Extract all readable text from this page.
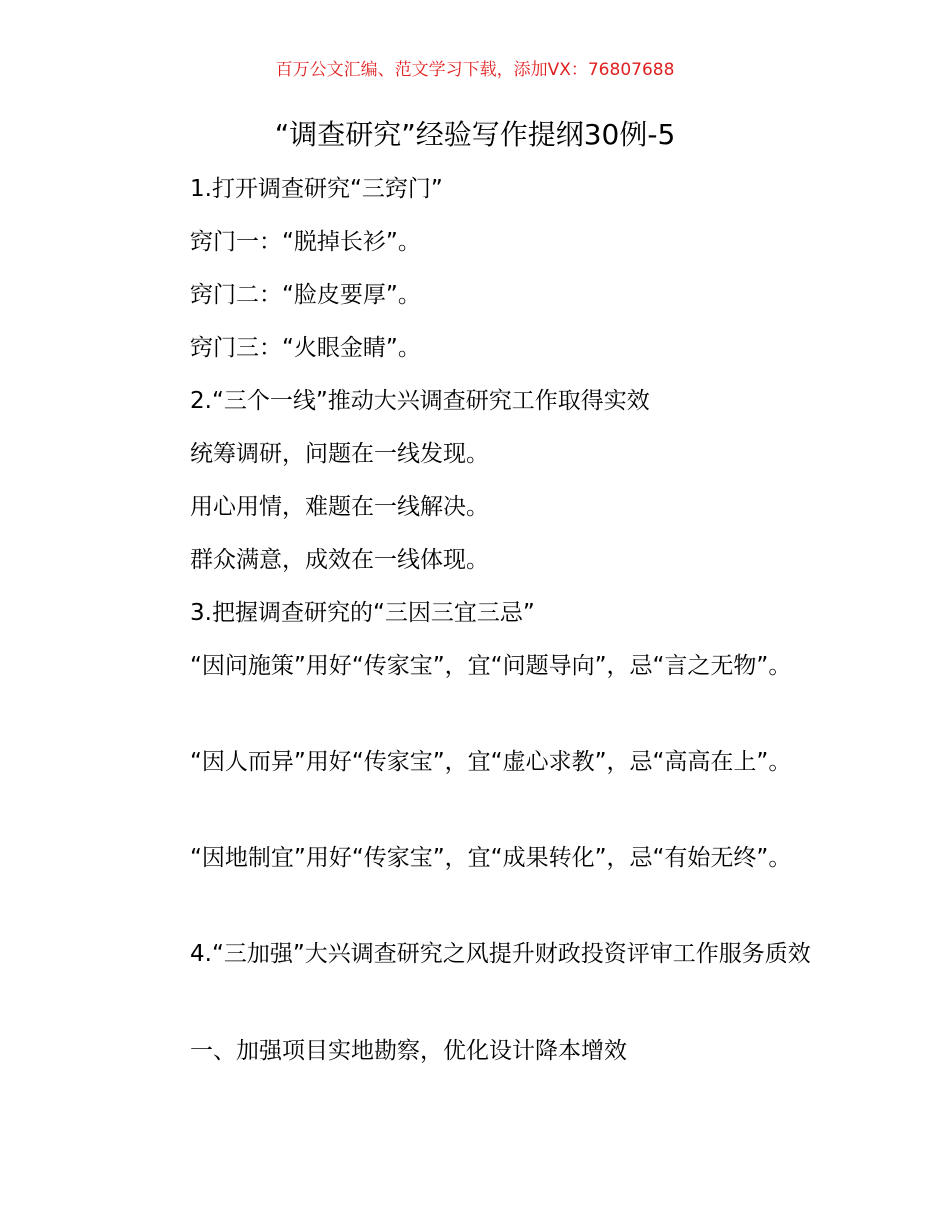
百万公文汇编、范文学习下载，添加VX：76807688
“调查研究”经验写作提纲30例-5
1.打开调查研究“三窍门”
窍门一：“脱掉长衫”。
窍门二：“脸皮要厚”。
窍门三：“火眼金睛”。
2.“三个一线”推动大兴调查研究工作取得实效
统筹调研，问题在一线发现。
用心用情，难题在一线解决。
群众满意，成效在一线体现。
3.把握调查研究的“三因三宜三忌”
“因问施策”用好“传家宝”，宜“问题导向”，忌“言之无物”。
“因人而异”用好“传家宝”，宜“虚心求教”，忌“高高在上”。
“因地制宜”用好“传家宝”，宜“成果转化”，忌“有始无终”。
4.“三加强”大兴调查研究之风提升财政投资评审工作服务质效
一、加强项目实地勘察，优化设计降本增效
